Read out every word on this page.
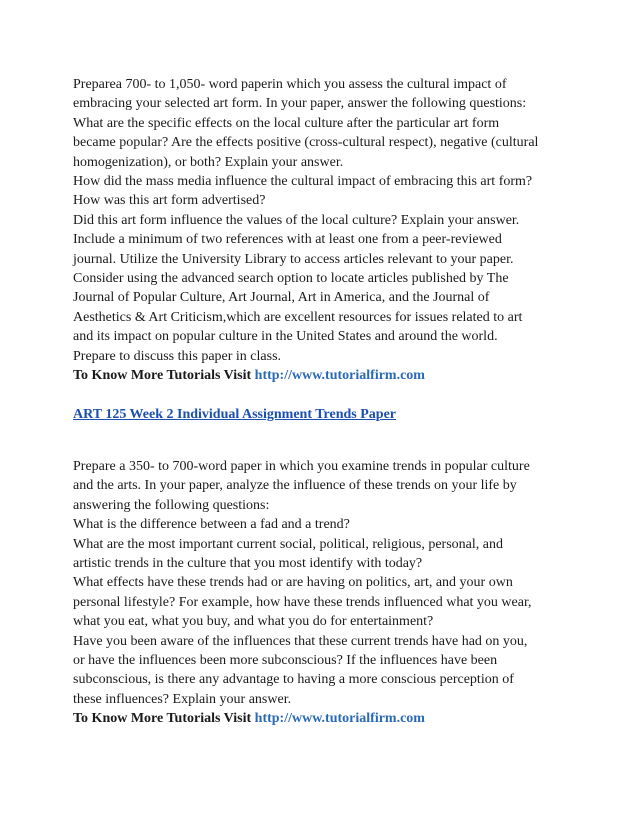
Preparea 700- to 1,050- word paperin which you assess the cultural impact of
embracing your selected art form. In your paper, answer the following questions:
What are the specific effects on the local culture after the particular art form
became popular? Are the effects positive (cross-cultural respect), negative (cultural
homogenization), or both? Explain your answer.
How did the mass media influence the cultural impact of embracing this art form?
How was this art form advertised?
Did this art form influence the values of the local culture? Explain your answer.
Include a minimum of two references with at least one from a peer-reviewed
journal. Utilize the University Library to access articles relevant to your paper.
Consider using the advanced search option to locate articles published by The
Journal of Popular Culture, Art Journal, Art in America, and the Journal of
Aesthetics & Art Criticism,which are excellent resources for issues related to art
and its impact on popular culture in the United States and around the world.
Prepare to discuss this paper in class.
To Know More Tutorials Visit http://www.tutorialfirm.com
ART 125 Week 2 Individual Assignment Trends Paper
Prepare a 350- to 700-word paper in which you examine trends in popular culture
and the arts. In your paper, analyze the influence of these trends on your life by
answering the following questions:
What is the difference between a fad and a trend?
What are the most important current social, political, religious, personal, and
artistic trends in the culture that you most identify with today?
What effects have these trends had or are having on politics, art, and your own
personal lifestyle? For example, how have these trends influenced what you wear,
what you eat, what you buy, and what you do for entertainment?
Have you been aware of the influences that these current trends have had on you,
or have the influences been more subconscious? If the influences have been
subconscious, is there any advantage to having a more conscious perception of
these influences? Explain your answer.
To Know More Tutorials Visit http://www.tutorialfirm.com
